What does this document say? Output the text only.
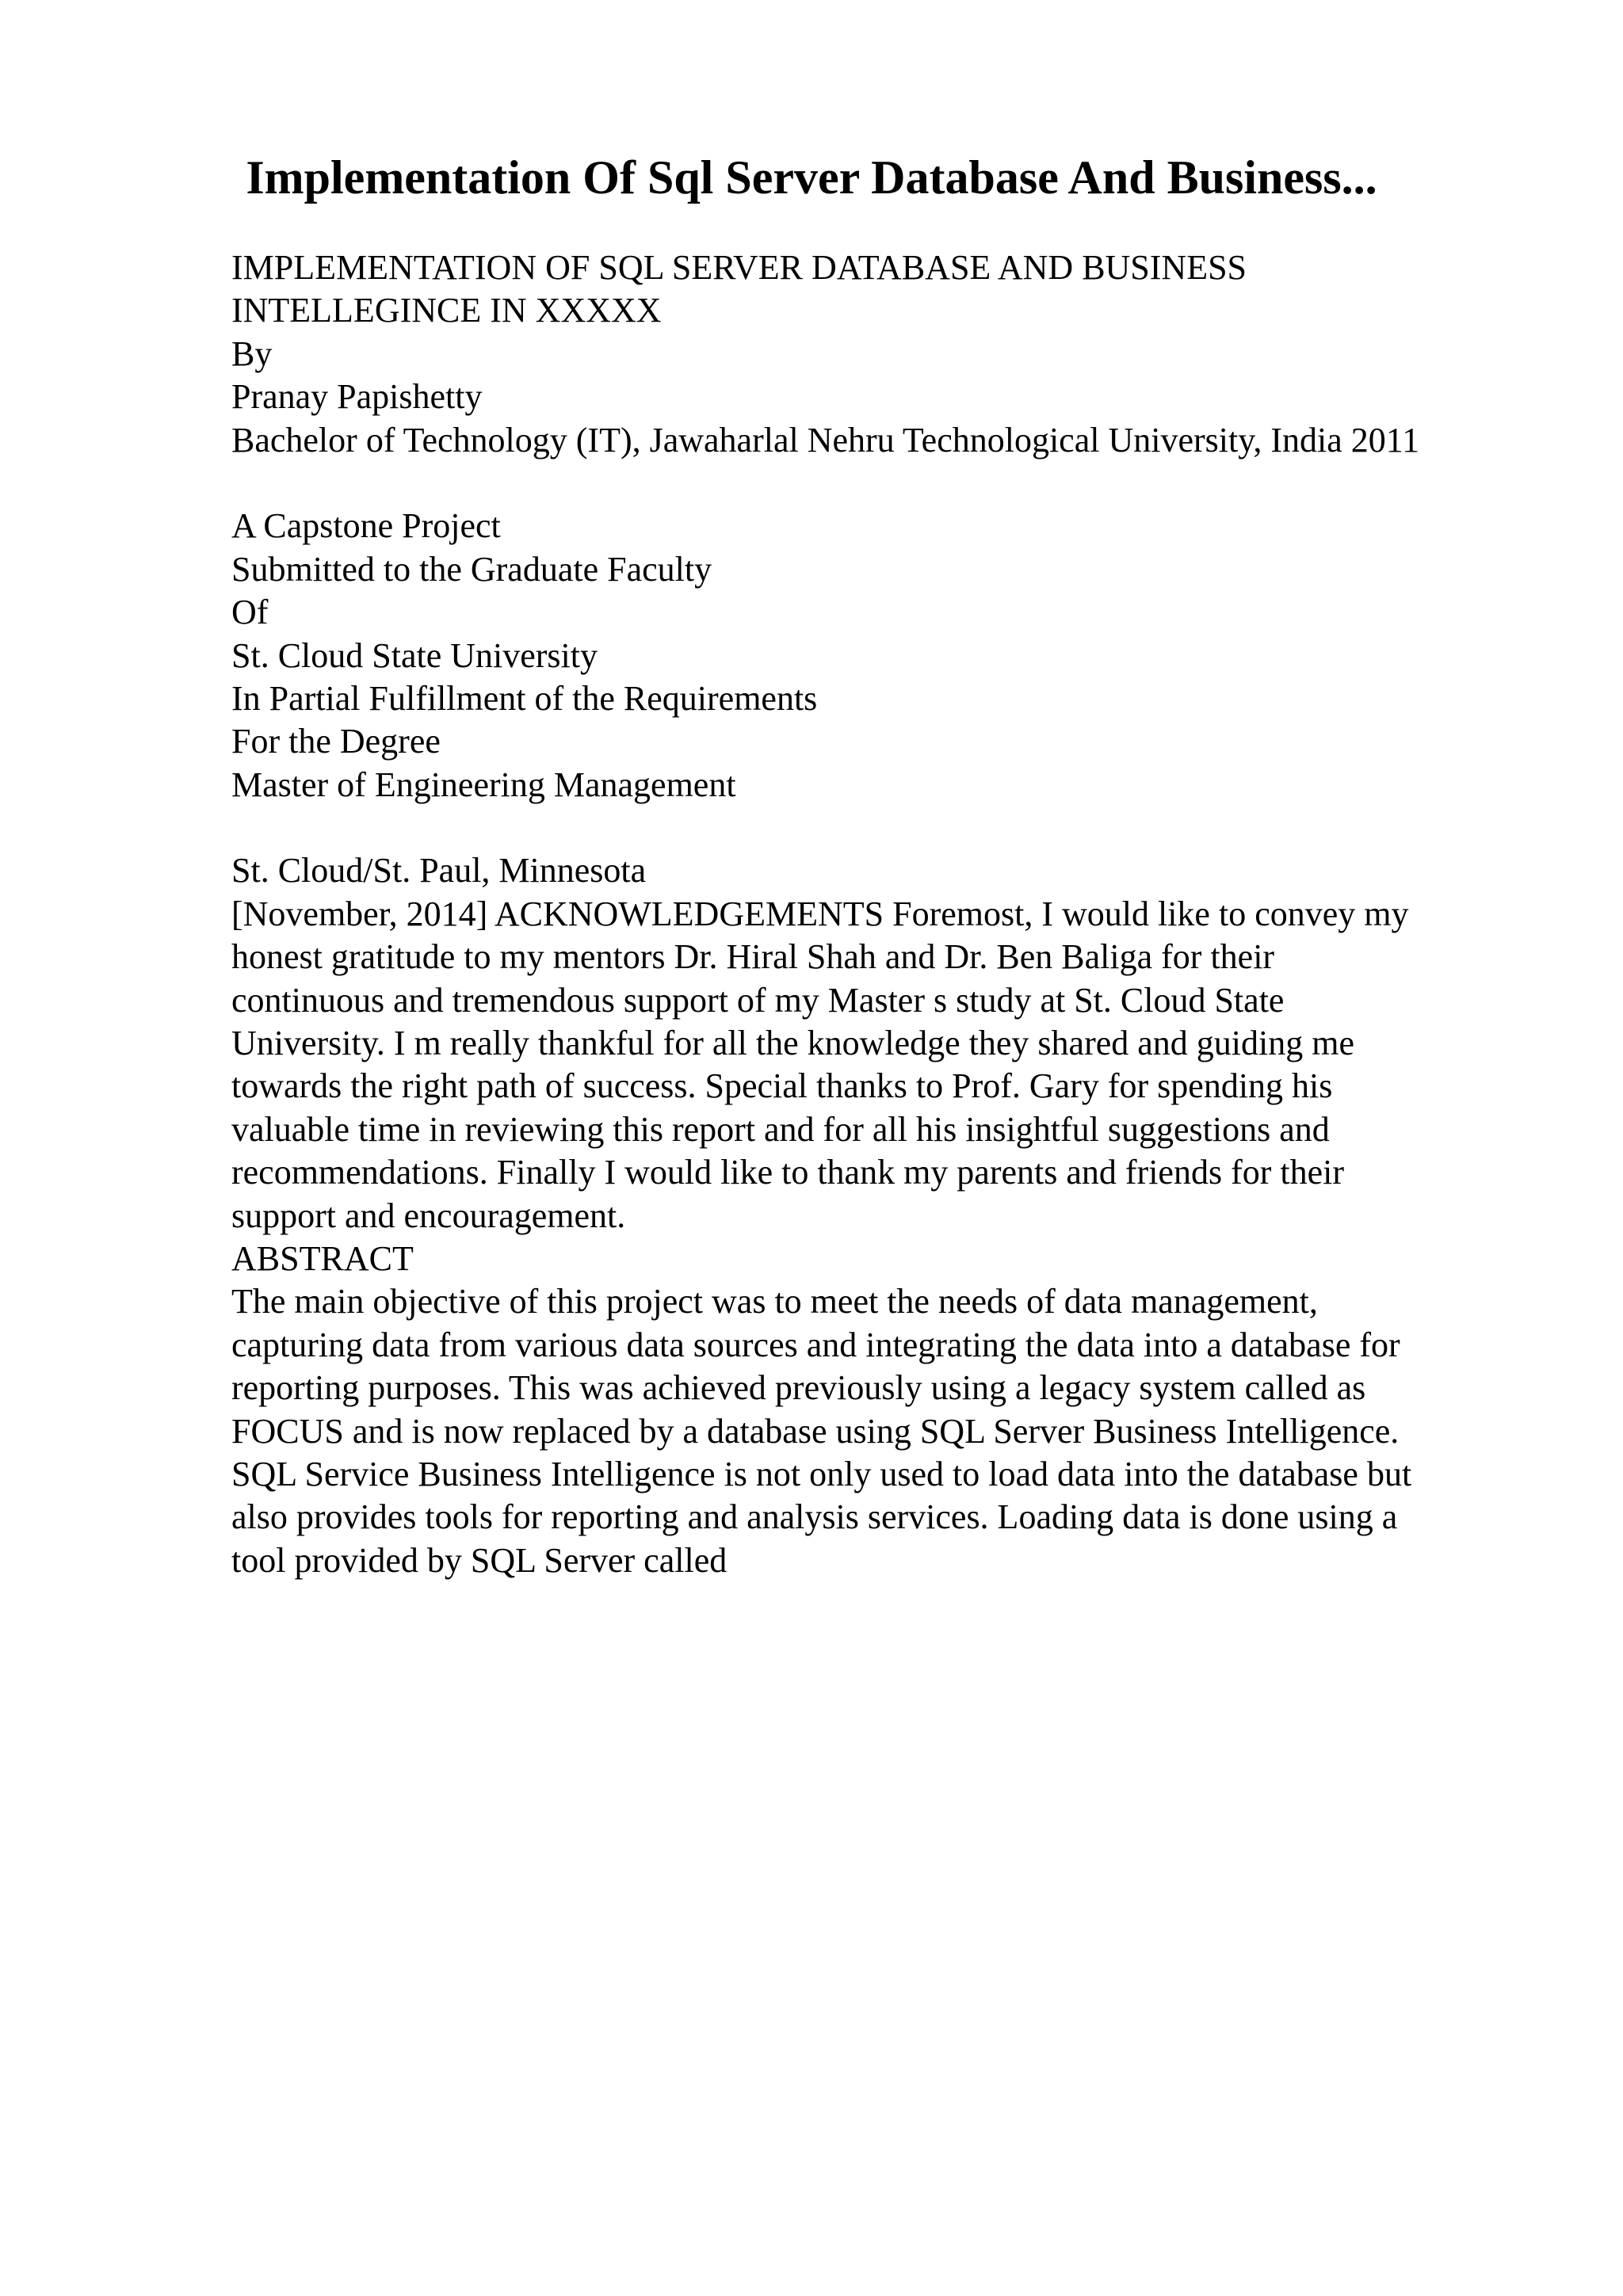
Implementation Of Sql Server Database And Business...
IMPLEMENTATION OF SQL SERVER DATABASE AND BUSINESS
INTELLEGINCE IN XXXXX
By
Pranay Papishetty
Bachelor of Technology (IT), Jawaharlal Nehru Technological University, India 2011
A Capstone Project
Submitted to the Graduate Faculty
Of
St. Cloud State University
In Partial Fulfillment of the Requirements
For the Degree
Master of Engineering Management
St. Cloud/St. Paul, Minnesota
[November, 2014] ACKNOWLEDGEMENTS Foremost, I would like to convey my
honest gratitude to my mentors Dr. Hiral Shah and Dr. Ben Baliga for their
continuous and tremendous support of my Master s study at St. Cloud State
University. I m really thankful for all the knowledge they shared and guiding me
towards the right path of success. Special thanks to Prof. Gary for spending his
valuable time in reviewing this report and for all his insightful suggestions and
recommendations. Finally I would like to thank my parents and friends for their
support and encouragement.
ABSTRACT
The main objective of this project was to meet the needs of data management,
capturing data from various data sources and integrating the data into a database for
reporting purposes. This was achieved previously using a legacy system called as
FOCUS and is now replaced by a database using SQL Server Business Intelligence.
SQL Service Business Intelligence is not only used to load data into the database but
also provides tools for reporting and analysis services. Loading data is done using a
tool provided by SQL Server called
